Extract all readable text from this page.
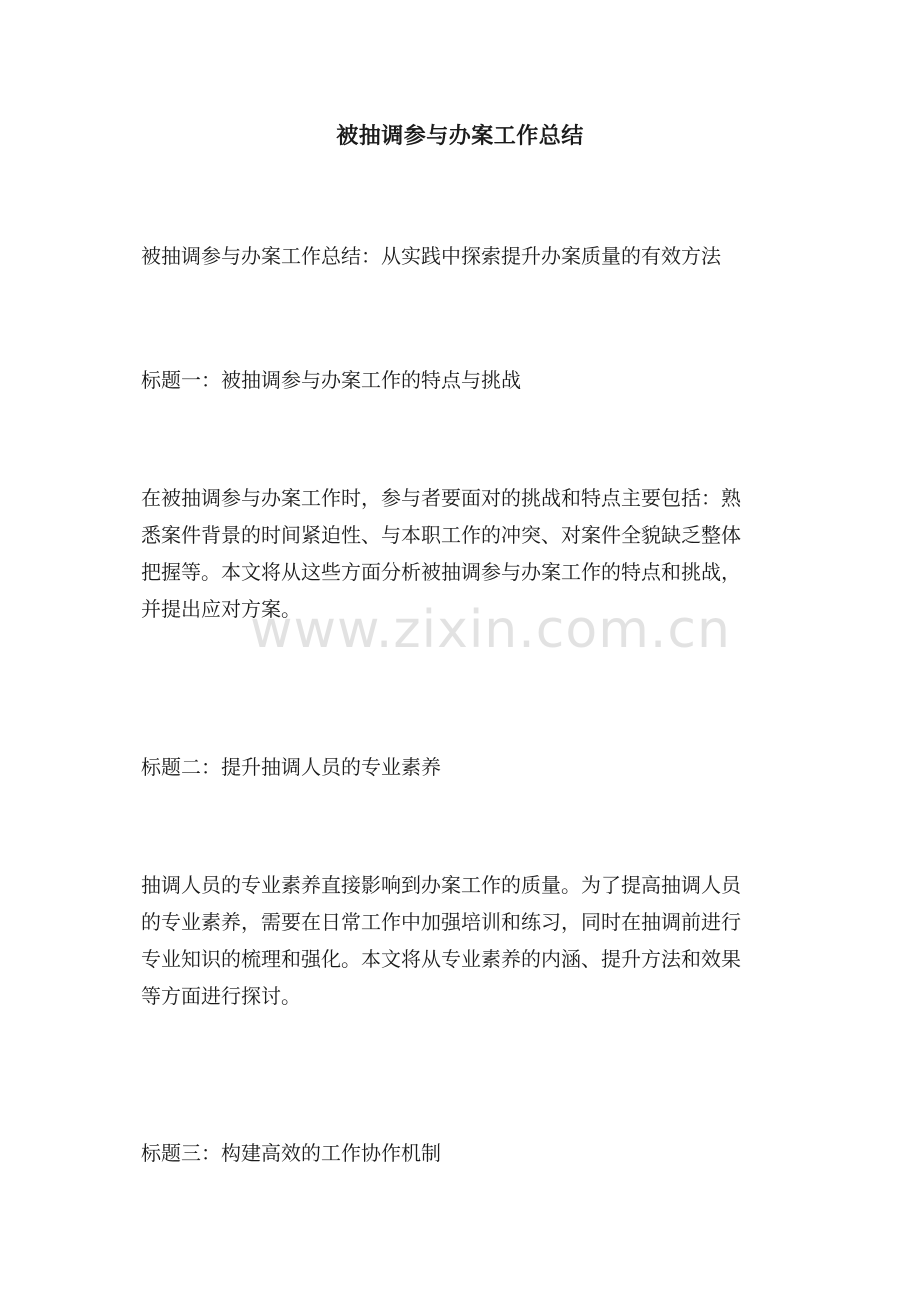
被抽调参与办案工作总结
被抽调参与办案工作总结：从实践中探索提升办案质量的有效方法
标题一：被抽调参与办案工作的特点与挑战
在被抽调参与办案工作时，参与者要面对的挑战和特点主要包括：熟
悉案件背景的时间紧迫性、与本职工作的冲突、对案件全貌缺乏整体
把握等。本文将从这些方面分析被抽调参与办案工作的特点和挑战，
并提出应对方案。
标题二：提升抽调人员的专业素养
抽调人员的专业素养直接影响到办案工作的质量。为了提高抽调人员
的专业素养，需要在日常工作中加强培训和练习，同时在抽调前进行
专业知识的梳理和强化。本文将从专业素养的内涵、提升方法和效果
等方面进行探讨。
标题三：构建高效的工作协作机制
www.zixin.com.cn
